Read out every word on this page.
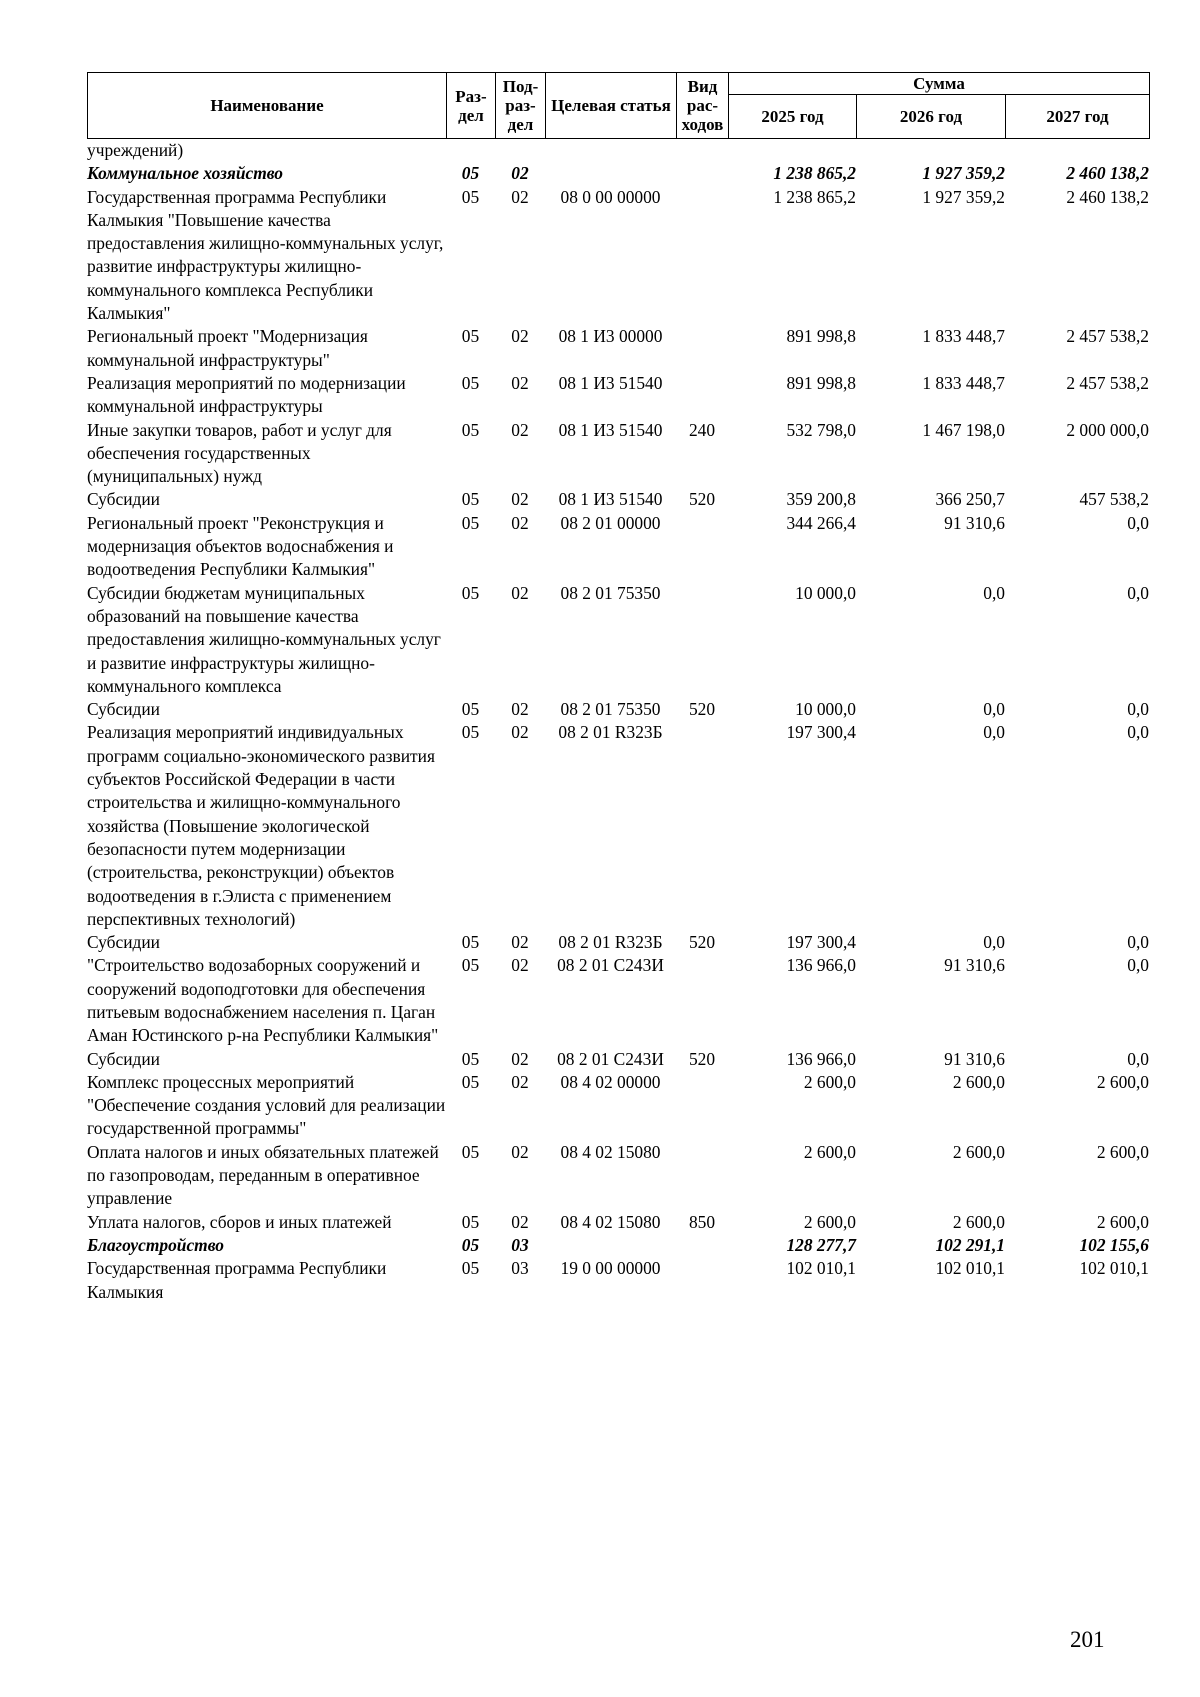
Наименование	Раз- дел	Под- раз- дел	Целевая статья	Вид рас- ходов	Сумма		
					2025 год	2026 год	2027 год
учреждений)							
Коммунальное хозяйство	05	02			1 238 865,2	1 927 359,2	2 460 138,2
Государственная программа Республики Калмыкия "Повышение качества предоставления жилищно-коммунальных услуг, развитие инфраструктуры жилищно-коммунального комплекса Республики Калмыкия"	05	02	08 0 00 00000		1 238 865,2	1 927 359,2	2 460 138,2
Региональный проект "Модернизация коммунальной инфраструктуры"	05	02	08 1 И3 00000		891 998,8	1 833 448,7	2 457 538,2
Реализация мероприятий по модернизации коммунальной инфраструктуры	05	02	08 1 И3 51540		891 998,8	1 833 448,7	2 457 538,2
Иные закупки товаров, работ и услуг для обеспечения государственных (муниципальных) нужд	05	02	08 1 И3 51540	240	532 798,0	1 467 198,0	2 000 000,0
Субсидии	05	02	08 1 И3 51540	520	359 200,8	366 250,7	457 538,2
Региональный проект "Реконструкция и модернизация объектов водоснабжения и водоотведения Республики Калмыкия"	05	02	08 2 01 00000		344 266,4	91 310,6	0,0
Субсидии бюджетам муниципальных образований на повышение качества предоставления жилищно-коммунальных услуг и развитие инфраструктуры жилищно-коммунального комплекса	05	02	08 2 01 75350		10 000,0	0,0	0,0
Субсидии	05	02	08 2 01 75350	520	10 000,0	0,0	0,0
Реализация мероприятий индивидуальных программ социально-экономического развития субъектов Российской Федерации в части строительства и жилищно-коммунального хозяйства (Повышение экологической безопасности путем модернизации (строительства, реконструкции) объектов водоотведения в г.Элиста с применением перспективных технологий)	05	02	08 2 01 R323Б		197 300,4	0,0	0,0
Субсидии	05	02	08 2 01 R323Б	520	197 300,4	0,0	0,0
"Строительство водозаборных сооружений и сооружений водоподготовки для обеспечения питьевым водоснабжением населения п. Цаган Аман Юстинского р-на Республики Калмыкия"	05	02	08 2 01 С243И		136 966,0	91 310,6	0,0
Субсидии	05	02	08 2 01 С243И	520	136 966,0	91 310,6	0,0
Комплекс процессных мероприятий "Обеспечение создания условий для реализации государственной программы"	05	02	08 4 02 00000		2 600,0	2 600,0	2 600,0
Оплата налогов и иных обязательных платежей по газопроводам, переданным в оперативное управление	05	02	08 4 02 15080		2 600,0	2 600,0	2 600,0
Уплата налогов, сборов и иных платежей	05	02	08 4 02 15080	850	2 600,0	2 600,0	2 600,0
Благоустройство	05	03			128 277,7	102 291,1	102 155,6
Государственная программа Республики Калмыкия	05	03	19 0 00 00000		102 010,1	102 010,1	102 010,1
201
